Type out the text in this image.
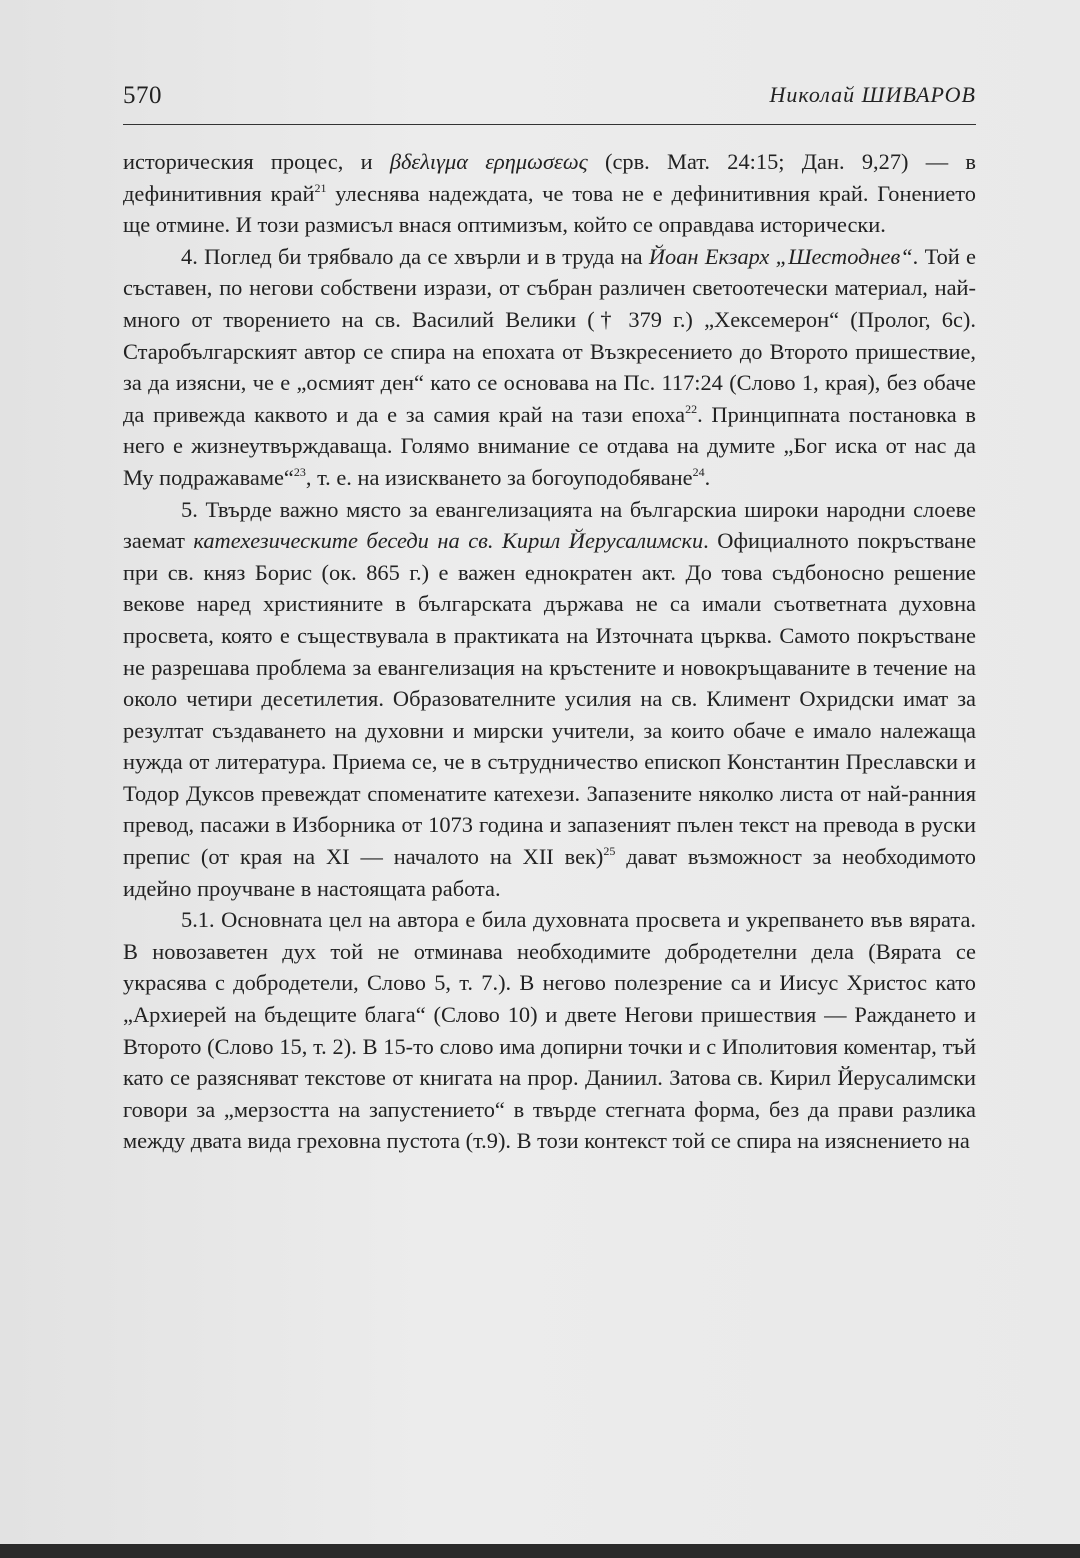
570	Николай ШИВАРОВ

историческия процес, и βδελιγμα ερημωσεως (срв. Мат. 24:15; Дан. 9,27) — в дефинитивния край$^{21}$ улеснява надеждата, че това не е дефинитивния край. Гонението ще отмине. И този размисъл внася оптимизъм, който се оправдава исторически.

4. Поглед би трябвало да се хвърли и в труда на Йоан Екзарх „Шестоднев“. Той е съставен, по негови собствени изрази, от събран различен светоотечески материал, най-много от творението на св. Василий Велики († 379 г.) „Хексемерон“ (Пролог, 6с). Старобългарският автор се спира на епохата от Възкресението до Второто пришествие, за да изясни, че е „осмият ден“ като се основава на Пс. 117:24 (Слово 1, края), без обаче да привежда каквото и да е за самия край на тази епоха$^{22}$. Принципната постановка в него е жизнеутвърждаваща. Голямо внимание се отдава на думите „Бог иска от нас да Му подражаваме“$^{23}$, т. е. на изискването за богоуподобяване$^{24}$.

5. Твърде важно място за евангелизацията на българскиа широки народни слоеве заемат катехезическите беседи на св. Кирил Йерусалимски. Официалното покръстване при св. княз Борис (ок. 865 г.) е важен еднократен акт. До това съдбоносно решение векове наред християните в българската държава не са имали съответната духовна просвета, която е съществувала в практиката на Източната църква. Самото покръстване не разрешава проблема за евангелизация на кръстените и новокръщаваните в течение на около четири десетилетия. Образователните усилия на св. Климент Охридски имат за резултат създаването на духовни и мирски учители, за които обаче е имало належаща нужда от литература. Приема се, че в сътрудничество епископ Константин Преславски и Тодор Дуксов превеждат споменатите катехези. Запазените няколко листа от най-ранния превод, пасажи в Изборника от 1073 година и запазеният пълен текст на превода в руски препис (от края на XI — началото на XII век)$^{25}$ дават възможност за необходимото идейно проучване в настоящата работа.

5.1. Основната цел на автора е била духовната просвета и укрепването във вярата. В новозаветен дух той не отминава необходимите добродетелни дела (Вярата се украсява с добродетели, Слово 5, т. 7.). В негово полезрение са и Иисус Христос като „Архиерей на бъдещите блага“ (Слово 10) и двете Негови пришествия — Раждането и Второто (Слово 15, т. 2). В 15-то слово има допирни точки и с Иполитовия коментар, тъй като се разясняват текстове от книгата на прор. Даниил. Затова св. Кирил Йерусалимски говори за „мерзостта на запустението“ в твърде стегната форма, без да прави разлика между двата вида греховна пустота (т.9). В този контекст той се спира на изяснението на
